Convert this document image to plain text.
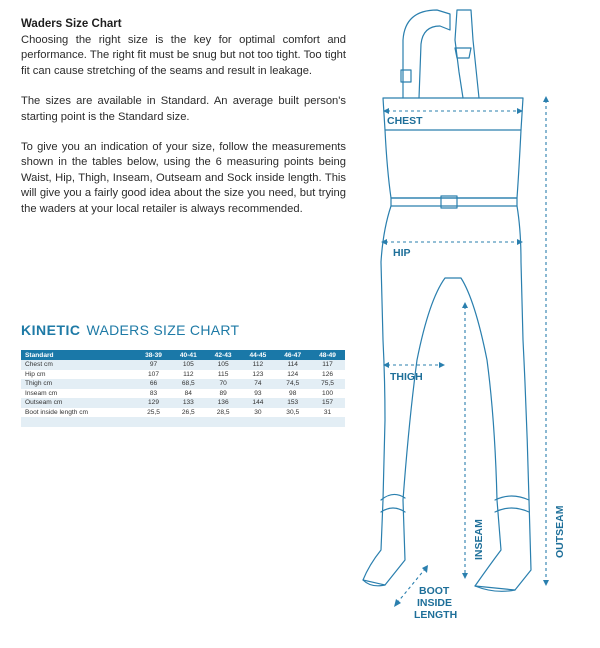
Waders Size Chart

Choosing the right size is the key for optimal comfort and performance. The right fit must be snug but not too tight. Too tight fit can cause stretching of the seams and result in leakage.

The sizes are available in Standard. An average built person's starting point is the Standard size.

To give you an indication of your size, follow the measurements shown in the tables below, using the 6 measuring points being Waist, Hip, Thigh, Inseam, Outseam and Sock inside length. This will give you a fairly good idea about the size you need, but trying the waders at your local retailer is always recommended.

KINETIC WADERS SIZE CHART
Standard	38-39	40-41	42-43	44-45	46-47	48-49
Chest cm	97	105	105	112	114	117
Hip cm	107	112	115	123	124	126
Thigh cm	66	68,5	70	74	74,5	75,5
Inseam cm	83	84	89	93	98	100
Outseam cm	129	133	136	144	153	157
Boot inside length cm	25,5	26,5	28,5	30	30,5	31

CHEST
HIP
THIGH
INSEAM	OUTSEAM
BOOT
INSIDE
LENGTH
